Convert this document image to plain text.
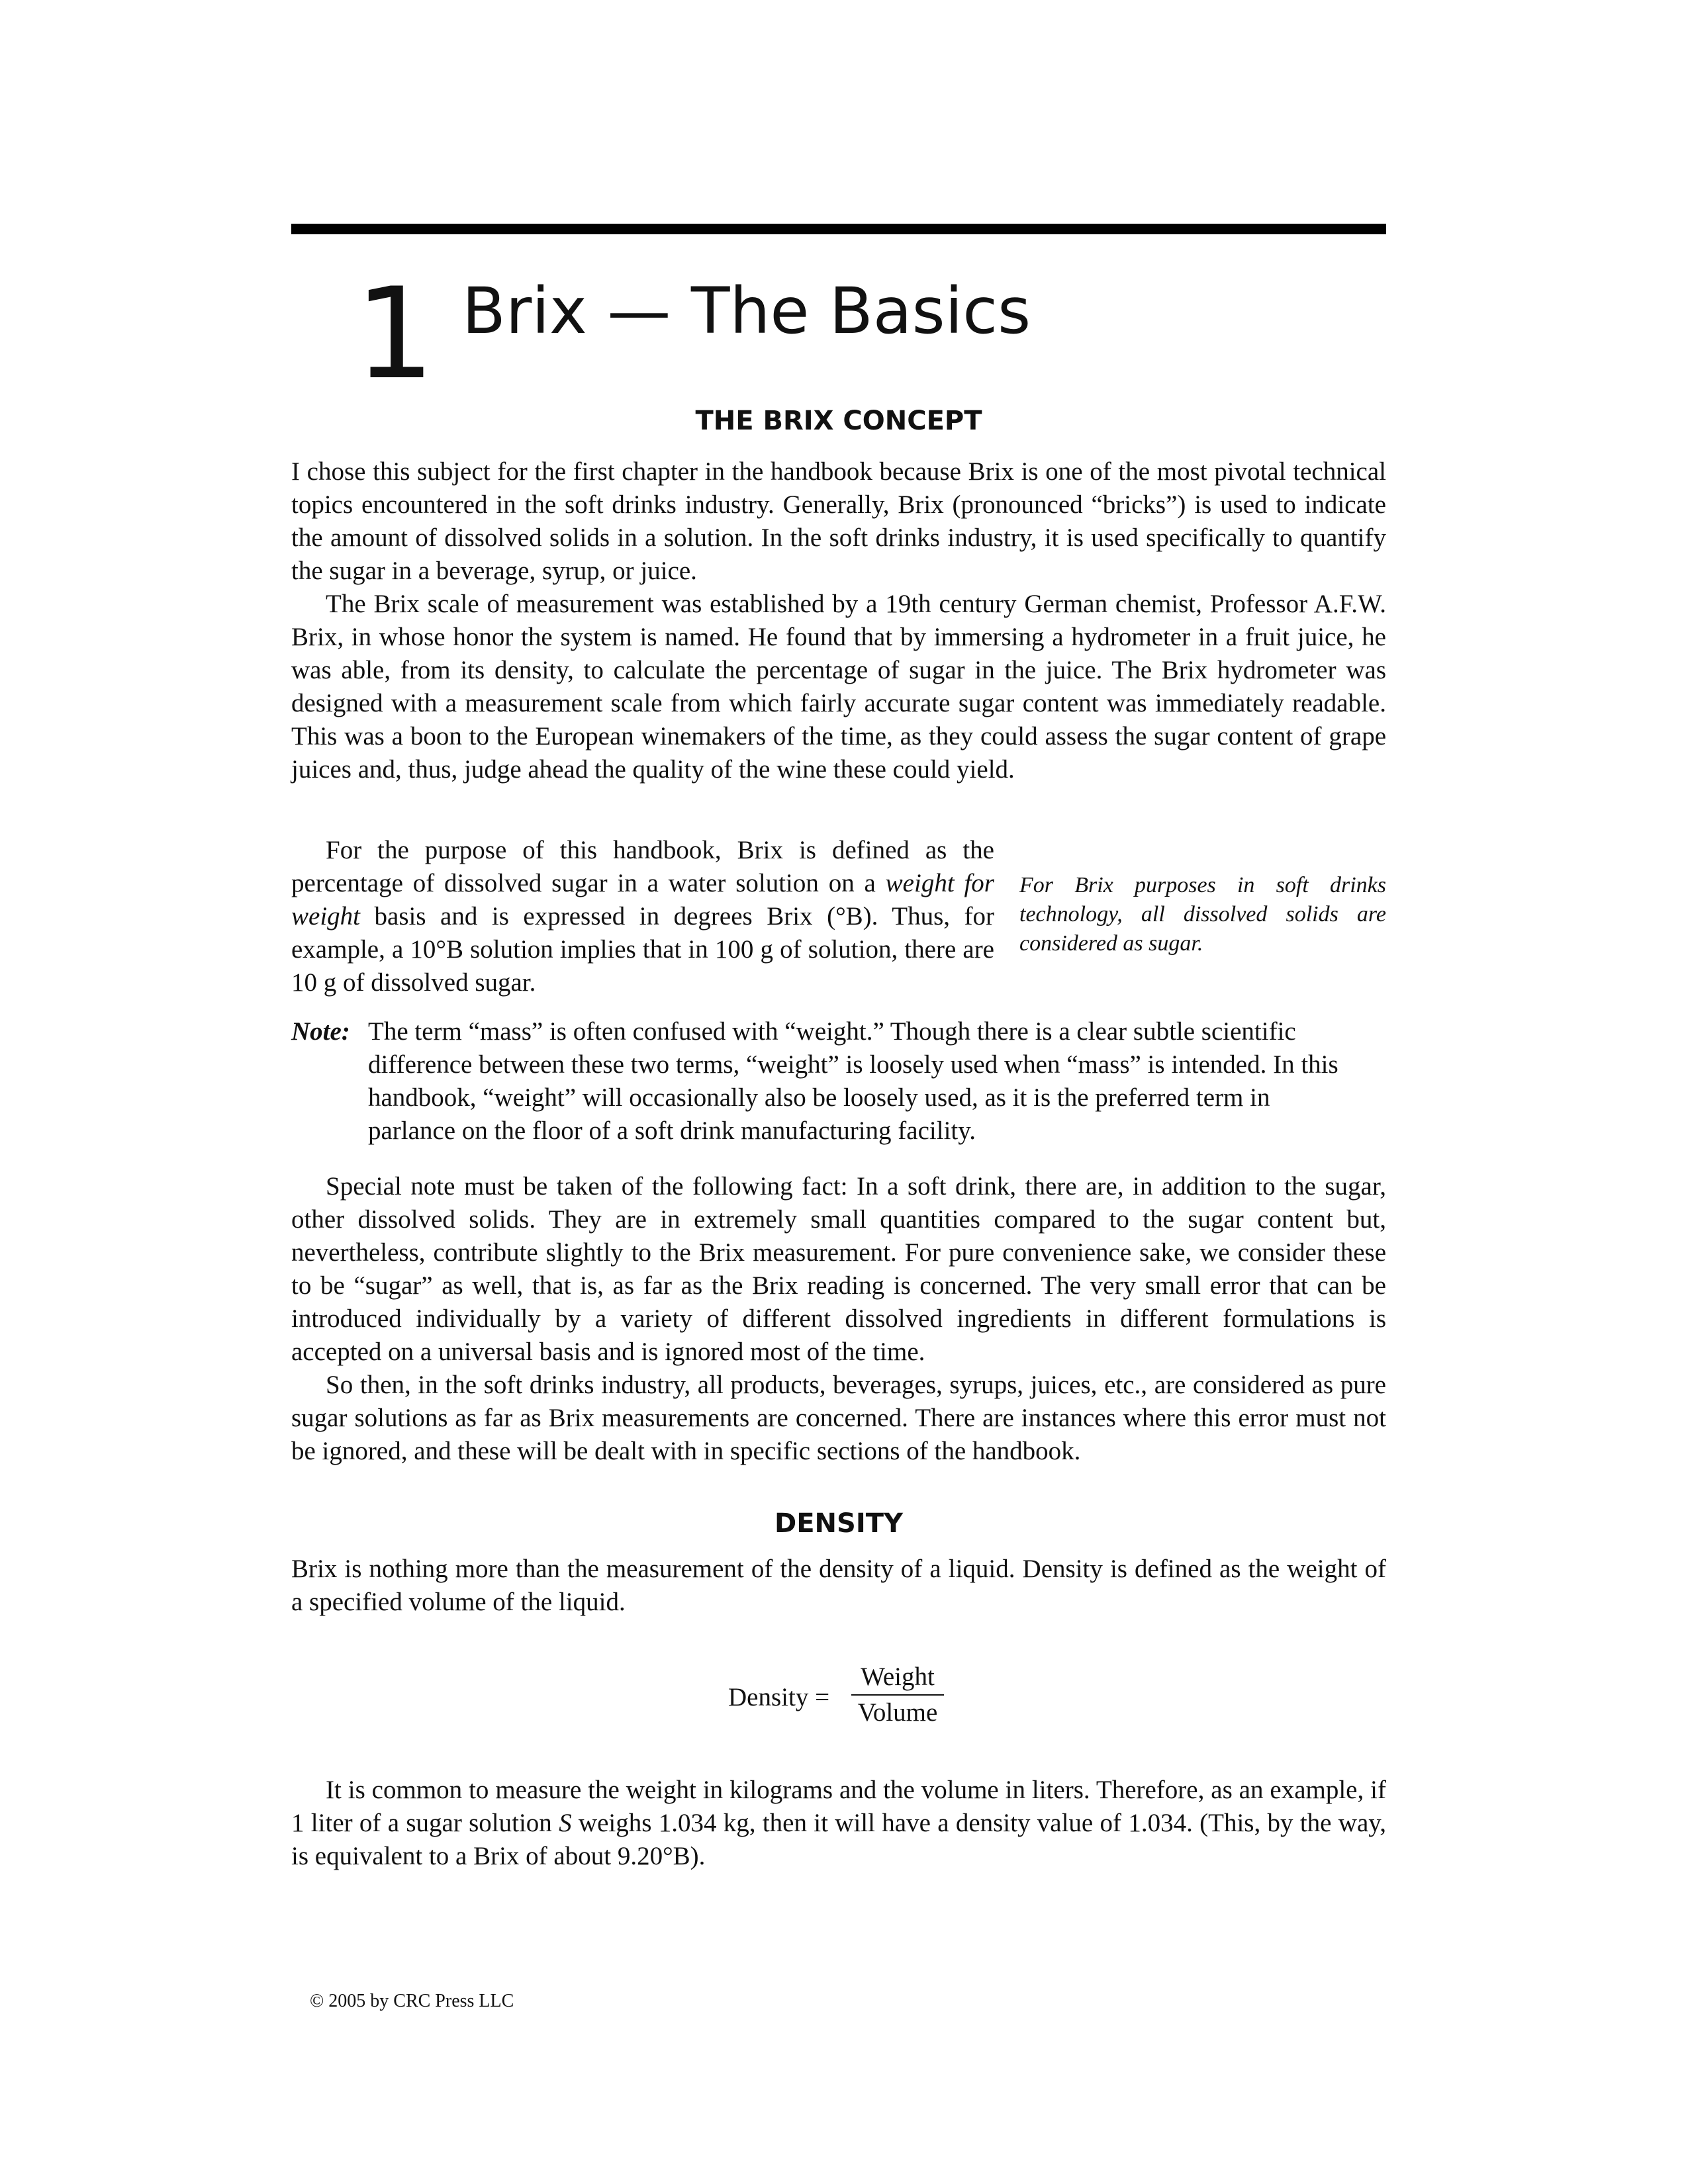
1 Brix — The Basics
THE BRIX CONCEPT

I chose this subject for the first chapter in the handbook because Brix is one of the most pivotal technical topics encountered in the soft drinks industry. Generally, Brix (pronounced “bricks”) is used to indicate the amount of dissolved solids in a solution. In the soft drinks industry, it is used specifically to quantify the sugar in a beverage, syrup, or juice.

The Brix scale of measurement was established by a 19th century German chemist, Professor A.F.W. Brix, in whose honor the system is named. He found that by immersing a hydrometer in a fruit juice, he was able, from its density, to calculate the percentage of sugar in the juice. The Brix hydrometer was designed with a measurement scale from which fairly accurate sugar content was immediately readable. This was a boon to the European winemakers of the time, as they could assess the sugar content of grape juices and, thus, judge ahead the quality of the wine these could yield.

For the purpose of this handbook, Brix is defined as the percentage of dissolved sugar in a water solution on a weight for weight basis and is expressed in degrees Brix (°B). Thus, for example, a 10°B solution implies that in 100 g of solution, there are 10 g of dissolved sugar.

For Brix purposes in soft drinks technology, all dissolved solids are considered as sugar.
Note: The term “mass” is often confused with “weight.” Though there is a clear subtle scientific difference between these two terms, “weight” is loosely used when “mass” is intended. In this handbook, “weight” will occasionally also be loosely used, as it is the preferred term in parlance on the floor of a soft drink manufacturing facility.

Special note must be taken of the following fact: In a soft drink, there are, in addition to the sugar, other dissolved solids. They are in extremely small quantities compared to the sugar content but, nevertheless, contribute slightly to the Brix measurement. For pure convenience sake, we consider these to be “sugar” as well, that is, as far as the Brix reading is concerned. The very small error that can be introduced individually by a variety of different dissolved ingredients in different formulations is accepted on a universal basis and is ignored most of the time.

So then, in the soft drinks industry, all products, beverages, syrups, juices, etc., are considered as pure sugar solutions as far as Brix measurements are concerned. There are instances where this error must not be ignored, and these will be dealt with in specific sections of the handbook.

DENSITY

Brix is nothing more than the measurement of the density of a liquid. Density is defined as the weight of a specified volume of the liquid.

Density =
Weight
Volume

It is common to measure the weight in kilograms and the volume in liters. Therefore, as an example, if 1 liter of a sugar solution S weighs 1.034 kg, then it will have a density value of 1.034. (This, by the way, is equivalent to a Brix of about 9.20°B).

© 2005 by CRC Press LLC
